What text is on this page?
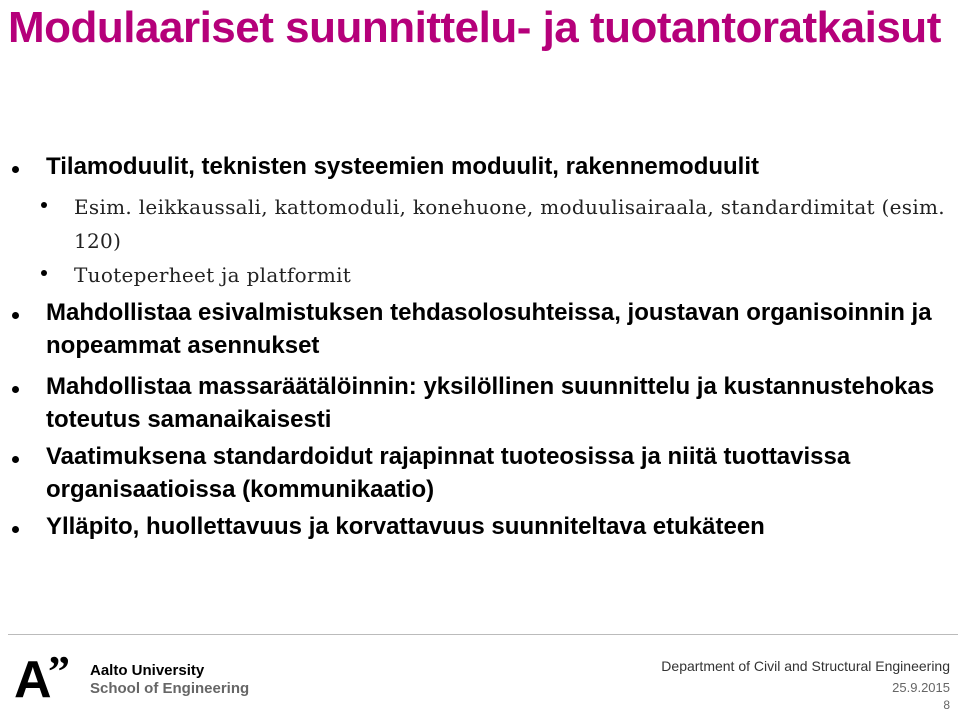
Modulaariset suunnittelu- ja tuotantoratkaisut
Tilamoduulit, teknisten systeemien moduulit, rakennemoduulit
Esim. leikkaussali, kattomoduli, konehuone, moduulisairaala, standardimitat (esim. 120)
Tuoteperheet ja platformit
Mahdollistaa esivalmistuksen tehdasolosuhteissa, joustavan organisoinnin ja nopeammat asennukset
Mahdollistaa massaräätälöinnin: yksilöllinen suunnittelu ja kustannustehokas toteutus samanaikaisesti
Vaatimuksena standardoidut rajapinnat tuoteosissa ja niitä tuottavissa organisaatioissa (kommunikaatio)
Ylläpito, huollettavuus ja korvattavuus suunniteltava etukäteen
A
” Aalto University
School of Engineering
Department of Civil and Structural Engineering
25.9.2015
8
